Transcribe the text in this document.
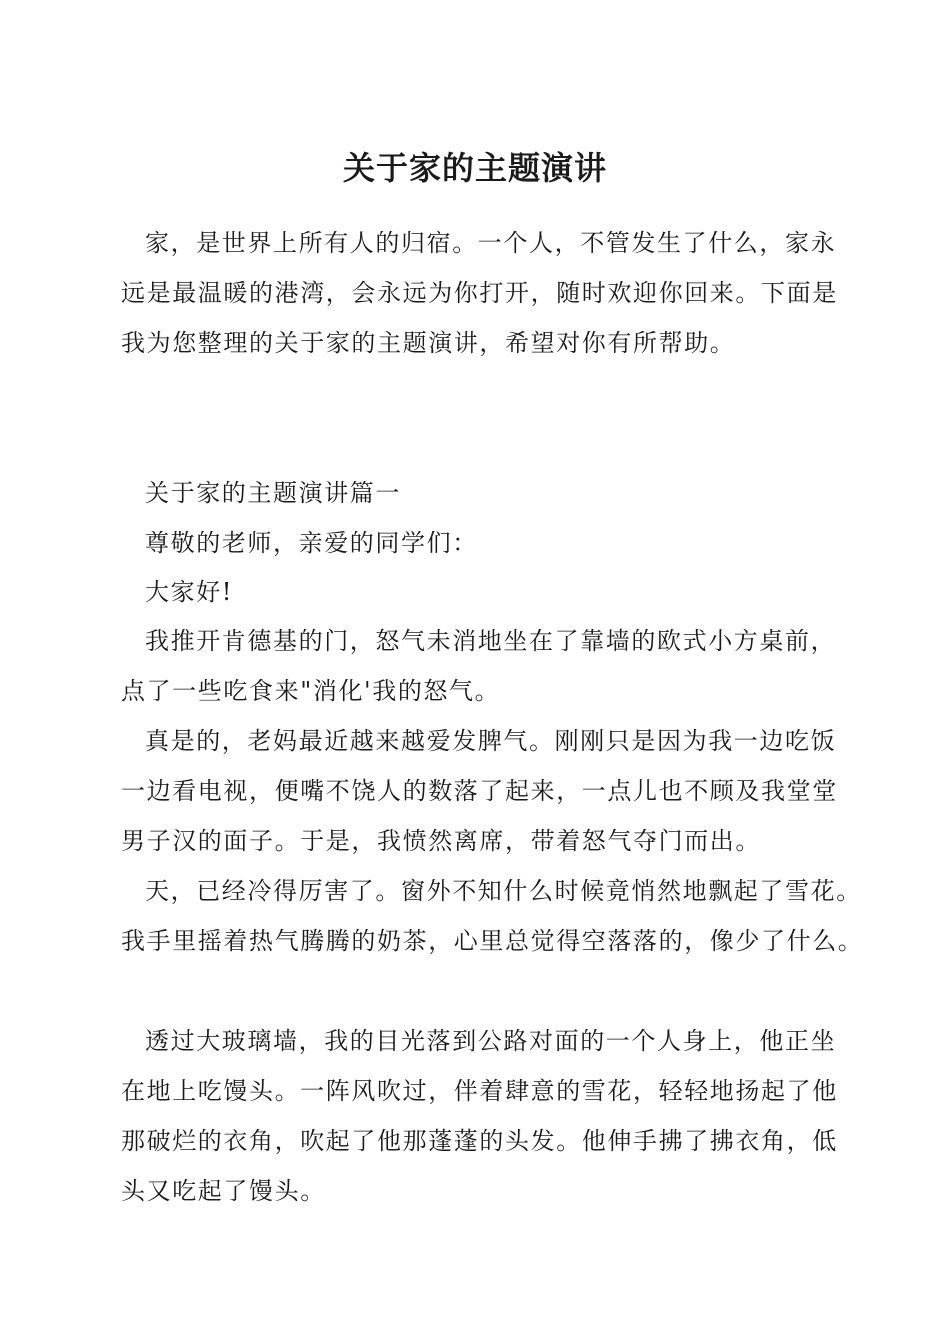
关于家的主题演讲
家，是世界上所有人的归宿。一个人，不管发生了什么，家永
远是最温暖的港湾，会永远为你打开，随时欢迎你回来。下面是
我为您整理的关于家的主题演讲，希望对你有所帮助。
关于家的主题演讲篇一
尊敬的老师，亲爱的同学们：
大家好!
我推开肯德基的门，怒气未消地坐在了靠墙的欧式小方桌前，
点了一些吃食来"消化'我的怒气。
真是的，老妈最近越来越爱发脾气。刚刚只是因为我一边吃饭
一边看电视，便嘴不饶人的数落了起来，一点儿也不顾及我堂堂
男子汉的面子。于是，我愤然离席，带着怒气夺门而出。
天，已经冷得厉害了。窗外不知什么时候竟悄然地飘起了雪花。
我手里摇着热气腾腾的奶茶，心里总觉得空落落的，像少了什么。
透过大玻璃墙，我的目光落到公路对面的一个人身上，他正坐
在地上吃馒头。一阵风吹过，伴着肆意的雪花，轻轻地扬起了他
那破烂的衣角，吹起了他那蓬蓬的头发。他伸手拂了拂衣角，低
头又吃起了馒头。
